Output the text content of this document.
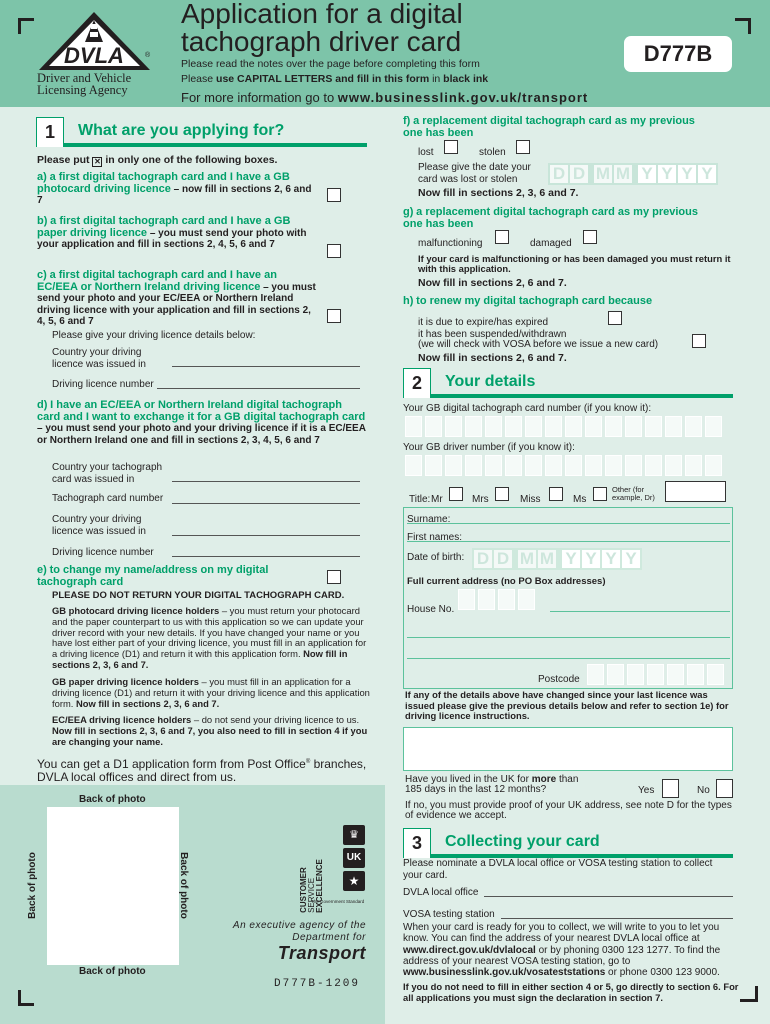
DVLA	®
Driver and Vehicle
Licensing Agency
Application for a digital
tachograph driver card
Please read the notes over the page before completing this form
Please use CAPITAL LETTERS and fill in this form in black ink
For more information go to www.businesslink.gov.uk/transport
D777B
1	What are you applying for?
Please put ✕ in only one of the following boxes.
a) a first digital tachograph card and I have a GB photocard driving licence – now fill in sections 2, 6 and 7
b) a first digital tachograph card and I have a GB paper driving licence – you must send your photo with your application and fill in sections 2, 4, 5, 6 and 7
c) a first digital tachograph card and I have an EC/EEA or Northern Ireland driving licence – you must send your photo and your EC/EEA or Northern Ireland driving licence with your application and fill in sections 2, 4, 5, 6 and 7
Please give your driving licence details below:
Country your driving licence was issued in
Driving licence number
d) I have an EC/EEA or Northern Ireland digital tachograph card and I want to exchange it for a GB digital tachograph card – you must send your photo and your driving licence if it is a EC/EEA or Northern Ireland one and fill in sections 2, 3, 4, 5, 6 and 7
Country your tachograph card was issued in
Tachograph card number
Country your driving licence was issued in
Driving licence number
e) to change my name/address on my digital tachograph card
PLEASE DO NOT RETURN YOUR DIGITAL TACHOGRAPH CARD.
GB photocard driving licence holders – you must return your photocard and the paper counterpart to us with this application so we can update your driver record with your new details. If you have changed your name or you have lost either part of your driving licence, you must fill in an application for a driving licence (D1) and return it with this application form. Now fill in sections 2, 3, 6 and 7.
GB paper driving licence holders – you must fill in an application for a driving licence (D1) and return it with your driving licence and this application form. Now fill in sections 2, 3, 6 and 7.
EC/EEA driving licence holders – do not send your driving licence to us. Now fill in sections 2, 3, 6 and 7, you also need to fill in section 4 if you are changing your name.
You can get a D1 application form from Post Office® branches, DVLA local offices and direct from us.
Back of photo
Back of photo
Back of photo	Back of photo	CUSTOMER SERVICE EXCELLENCE
♛
UK
★
The Government Standard
An executive agency of the
Department for
Transport
D777B-1209
f) a replacement digital tachograph card as my previous one has been
lost	stolen
Please give the date your card was lost or stolen	D D M M Y Y Y Y
Now fill in sections 2, 3, 6 and 7.
g) a replacement digital tachograph card as my previous one has been
malfunctioning	damaged
If your card is malfunctioning or has been damaged you must return it with this application.
Now fill in sections 2, 6 and 7.
h) to renew my digital tachograph card because
it is due to expire/has expired
it has been suspended/withdrawn
(we will check with VOSA before we issue a new card)
Now fill in sections 2, 6 and 7.
2	Your details
Your GB digital tachograph card number (if you know it):
Your GB driver number (if you know it):
Title: Mr	Mrs	Miss	Ms
Other (for example, Dr)
Surname:
First names:
Date of birth: D D M M Y Y Y Y
Full current address (no PO Box addresses)
House No.
Postcode
If any of the details above have changed since your last licence was issued please give the previous details below and refer to section 1e) for driving licence instructions.
Have you lived in the UK for more than 185 days in the last 12 months?	Yes	No
If no, you must provide proof of your UK address, see note D for the types of evidence we accept.
3	Collecting your card
Please nominate a DVLA local office or VOSA testing station to collect your card.
DVLA local office
VOSA testing station
When your card is ready for you to collect, we will write to you to let you know. You can find the address of your nearest DVLA local office at www.direct.gov.uk/dvlalocal or by phoning 0300 123 1277. To find the address of your nearest VOSA testing station, go to www.businesslink.gov.uk/vosateststations or phone 0300 123 9000.
If you do not need to fill in either section 4 or 5, go directly to section 6. For all applications you must sign the declaration in section 7.
